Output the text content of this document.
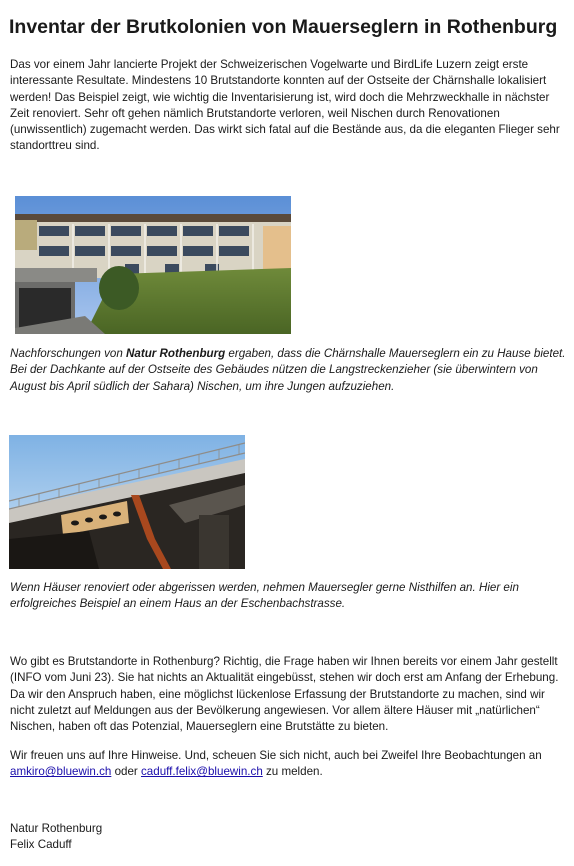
Inventar der Brutkolonien von Mauerseglern in Rothenburg

Das vor einem Jahr lancierte Projekt der Schweizerischen Vogelwarte und BirdLife Luzern zeigt erste interessante Resultate. Mindestens 10 Brutstandorte konnten auf der Ostseite der Chärnshalle lokalisiert werden! Das Beispiel zeigt, wie wichtig die Inventarisierung ist, wird doch die Mehrzweckhalle in nächster Zeit renoviert. Sehr oft gehen nämlich Brutstandorte verloren, weil Nischen durch Renovationen (unwissentlich) zugemacht werden. Das wirkt sich fatal auf die Bestände aus, da die eleganten Flieger sehr standorttreu sind.

Nachforschungen von Natur Rothenburg ergaben, dass die Chärnshalle Mauerseglern ein zu Hause bietet. Bei der Dachkante auf der Ostseite des Gebäudes nützen die Langstreckenzieher (sie überwintern von August bis April südlich der Sahara) Nischen, um ihre Jungen aufzuziehen.

Wenn Häuser renoviert oder abgerissen werden, nehmen Mauersegler gerne Nisthilfen an. Hier ein erfolgreiches Beispiel an einem Haus an der Eschenbachstrasse.

Wo gibt es Brutstandorte in Rothenburg? Richtig, die Frage haben wir Ihnen bereits vor einem Jahr gestellt (INFO vom Juni 23). Sie hat nichts an Aktualität eingebüsst, stehen wir doch erst am Anfang der Erhebung. Da wir den Anspruch haben, eine möglichst lückenlose Erfassung der Brutstandorte zu machen, sind wir nicht zuletzt auf Meldungen aus der Bevölkerung angewiesen. Vor allem ältere Häuser mit „natürlichen“ Nischen, haben oft das Potenzial, Mauerseglern eine Brutstätte zu bieten.

Wir freuen uns auf Ihre Hinweise. Und, scheuen Sie sich nicht, auch bei Zweifel Ihre Beobachtungen an amkiro@bluewin.ch oder caduff.felix@bluewin.ch zu melden.

Natur Rothenburg

Felix Caduff
